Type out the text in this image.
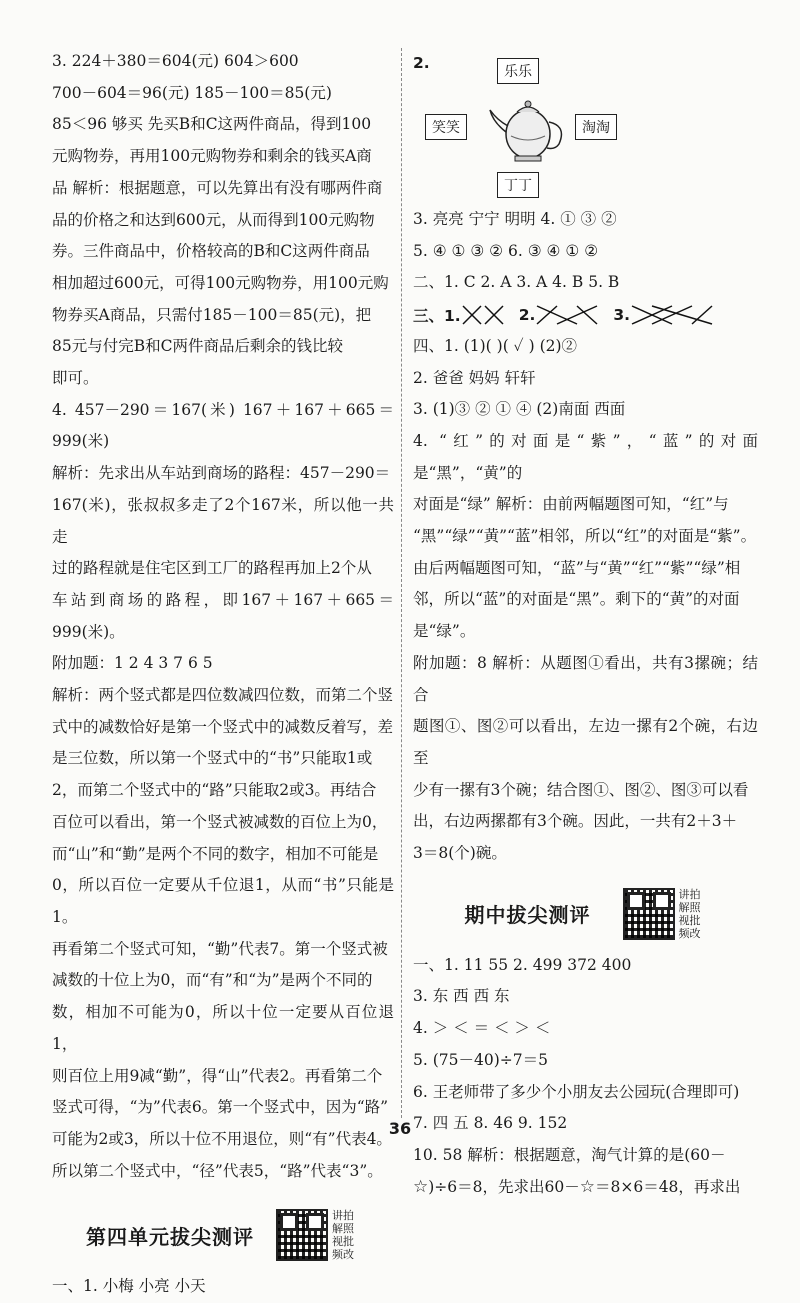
3. 224＋380＝604(元) 604＞600

700－604＝96(元) 185－100＝85(元)

85＜96 够买 先买B和C这两件商品，得到100

元购物券，再用100元购物券和剩余的钱买A商

品 解析：根据题意，可以先算出有没有哪两件商

品的价格之和达到600元，从而得到100元购物

券。三件商品中，价格较高的B和C这两件商品

相加超过600元，可得100元购物券，用100元购

物券买A商品，只需付185－100＝85(元)，把

85元与付完B和C两件商品后剩余的钱比较

即可。

4. 457－290＝167(米) 167＋167＋665＝999(米)

解析：先求出从车站到商场的路程：457－290＝

167(米)，张叔叔多走了2个167米，所以他一共走

过的路程就是住宅区到工厂的路程再加上2个从

车站到商场的路程，即167＋167＋665＝999(米)。

附加题：1 2 4 3 7 6 5

解析：两个竖式都是四位数减四位数，而第二个竖

式中的减数恰好是第一个竖式中的减数反着写，差

是三位数，所以第一个竖式中的“书”只能取1或

2，而第二个竖式中的“路”只能取2或3。再结合

百位可以看出，第一个竖式被减数的百位上为0，

而“山”和“勤”是两个不同的数字，相加不可能是

0，所以百位一定要从千位退1，从而“书”只能是1。

再看第二个竖式可知，“勤”代表7。第一个竖式被

减数的十位上为0，而“有”和“为”是两个不同的

数，相加不可能为0，所以十位一定要从百位退1，

则百位上用9减“勤”，得“山”代表2。再看第二个

竖式可得，“为”代表6。第一个竖式中，因为“路”

可能为2或3，所以十位不用退位，则“有”代表4。

所以第二个竖式中，“径”代表5，“路”代表“3”。

第四单元拔尖测评
讲拍解照视批频改

一、1. 小梅 小亮 小天

2.	乐乐
笑笑	淘淘
丁丁

3. 亮亮 宁宁 明明 4. ① ③ ②

5. ④ ① ③ ② 6. ③ ④ ① ②

二、1. C 2. A 3. A 4. B 5. B

三、1.	2.	3.

四、1. (1)( )( ✓ ) (2)②

2. 爸爸 妈妈 轩轩

3. (1)③ ② ① ④ (2)南面 西面

4. “红”的对面是“紫”，“蓝”的对面是“黑”，“黄”的

对面是“绿” 解析：由前两幅题图可知，“红”与

“黑”“绿”“黄”“蓝”相邻，所以“红”的对面是“紫”。

由后两幅题图可知，“蓝”与“黄”“红”“紫”“绿”相

邻，所以“蓝”的对面是“黑”。剩下的“黄”的对面

是“绿”。

附加题：8 解析：从题图①看出，共有3摞碗；结合

题图①、图②可以看出，左边一摞有2个碗，右边至

少有一摞有3个碗；结合图①、图②、图③可以看

出，右边两摞都有3个碗。因此，一共有2＋3＋

3＝8(个)碗。

期中拔尖测评
讲拍解照视批频改

一、1. 11 55 2. 499 372 400

3. 东 西 西 东

4. ＞ ＜ ＝ ＜ ＞ ＜

5. (75－40)÷7＝5

6. 王老师带了多少个小朋友去公园玩(合理即可)

7. 四 五 8. 46 9. 152

10. 58 解析：根据题意，淘气计算的是(60－

☆)÷6＝8，先求出60－☆＝8×6＝48，再求出

36
